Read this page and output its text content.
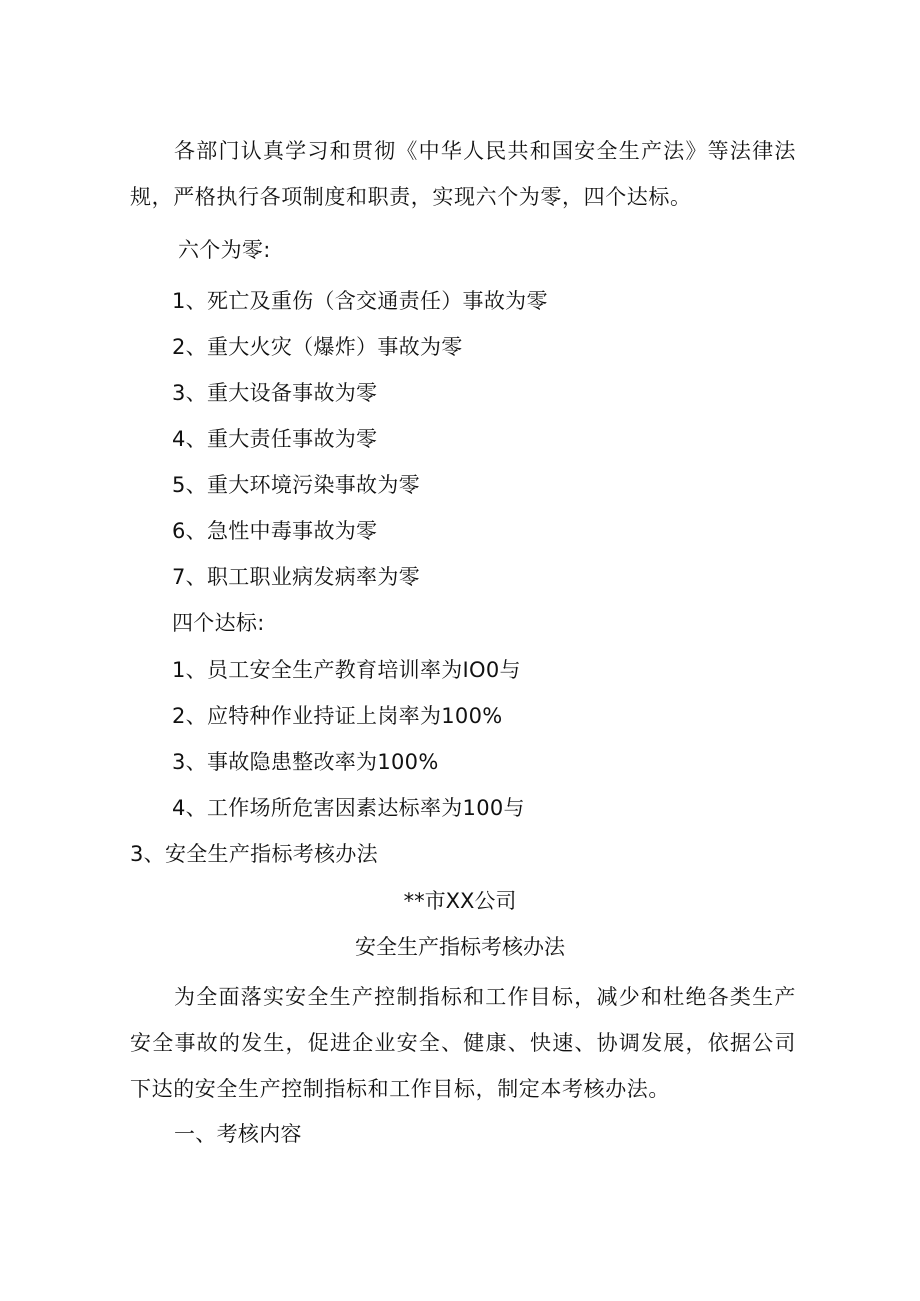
各部门认真学习和贯彻《中华人民共和国安全生产法》等法律法规，严格执行各项制度和职责，实现六个为零，四个达标。
六个为零:
1、死亡及重伤（含交通责任）事故为零
2、重大火灾（爆炸）事故为零
3、重大设备事故为零
4、重大责任事故为零
5、重大环境污染事故为零
6、急性中毒事故为零
7、职工职业病发病率为零
四个达标:
1、员工安全生产教育培训率为IO0与
2、应特种作业持证上岗率为100%
3、事故隐患整改率为100%
4、工作场所危害因素达标率为100与
3、安全生产指标考核办法
**市XX公司
安全生产指标考核办法
为全面落实安全生产控制指标和工作目标，减少和杜绝各类生产安全事故的发生，促进企业安全、健康、快速、协调发展，依据公司下达的安全生产控制指标和工作目标，制定本考核办法。
一、考核内容
